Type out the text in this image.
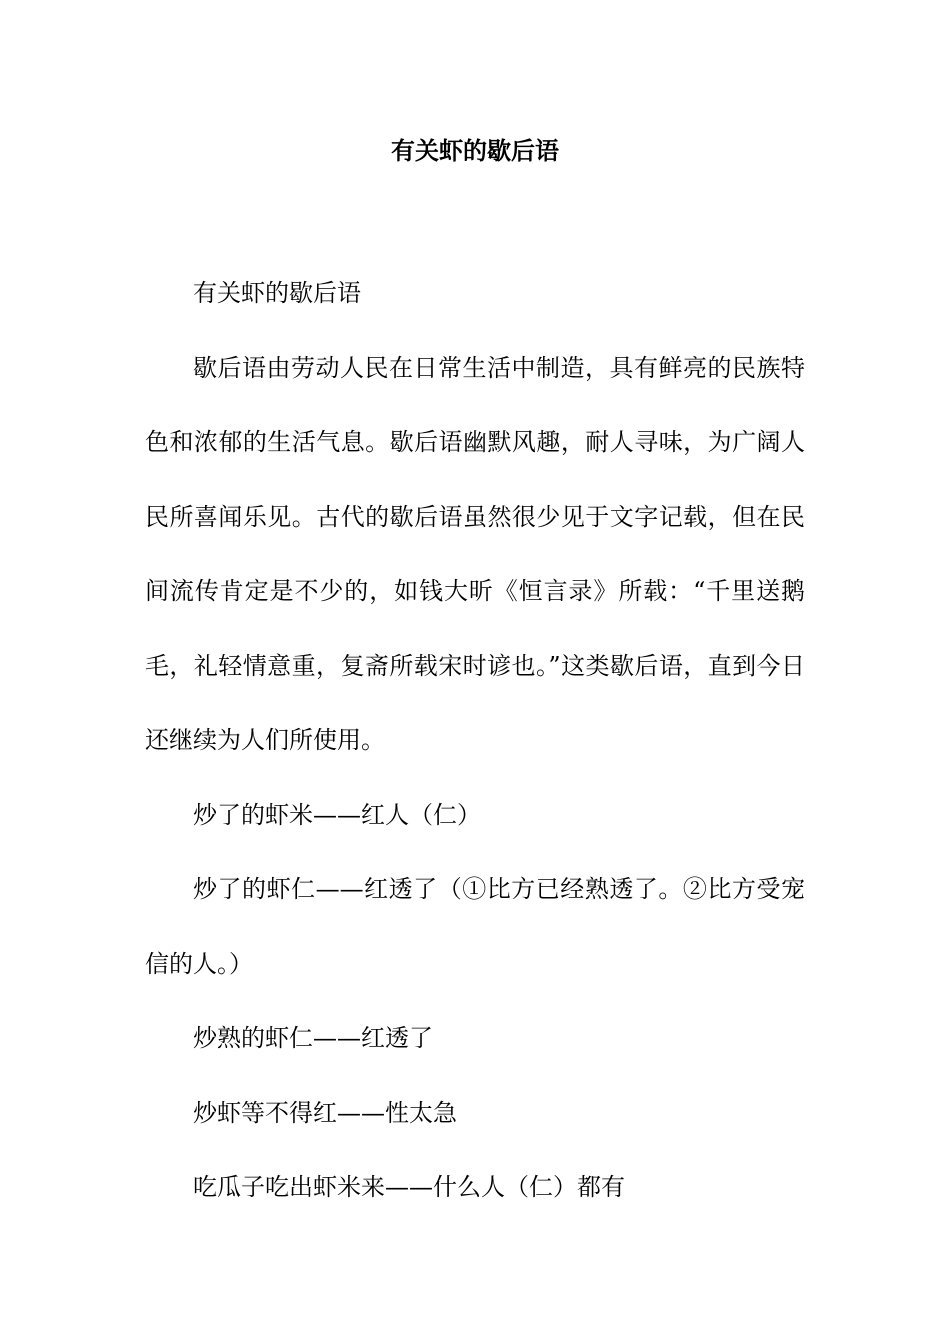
有关虾的歇后语

有关虾的歇后语

歇后语由劳动人民在日常生活中制造，具有鲜亮的民族特色和浓郁的生活气息。歇后语幽默风趣，耐人寻味，为广阔人民所喜闻乐见。古代的歇后语虽然很少见于文字记载，但在民间流传肯定是不少的，如钱大昕《恒言录》所载：“千里送鹅毛，礼轻情意重，复斋所载宋时谚也。”这类歇后语，直到今日还继续为人们所使用。

炒了的虾米——红人（仁）

炒了的虾仁——红透了（①比方已经熟透了。②比方受宠信的人。）

炒熟的虾仁——红透了

炒虾等不得红——性太急

吃瓜子吃出虾米来——什么人（仁）都有
